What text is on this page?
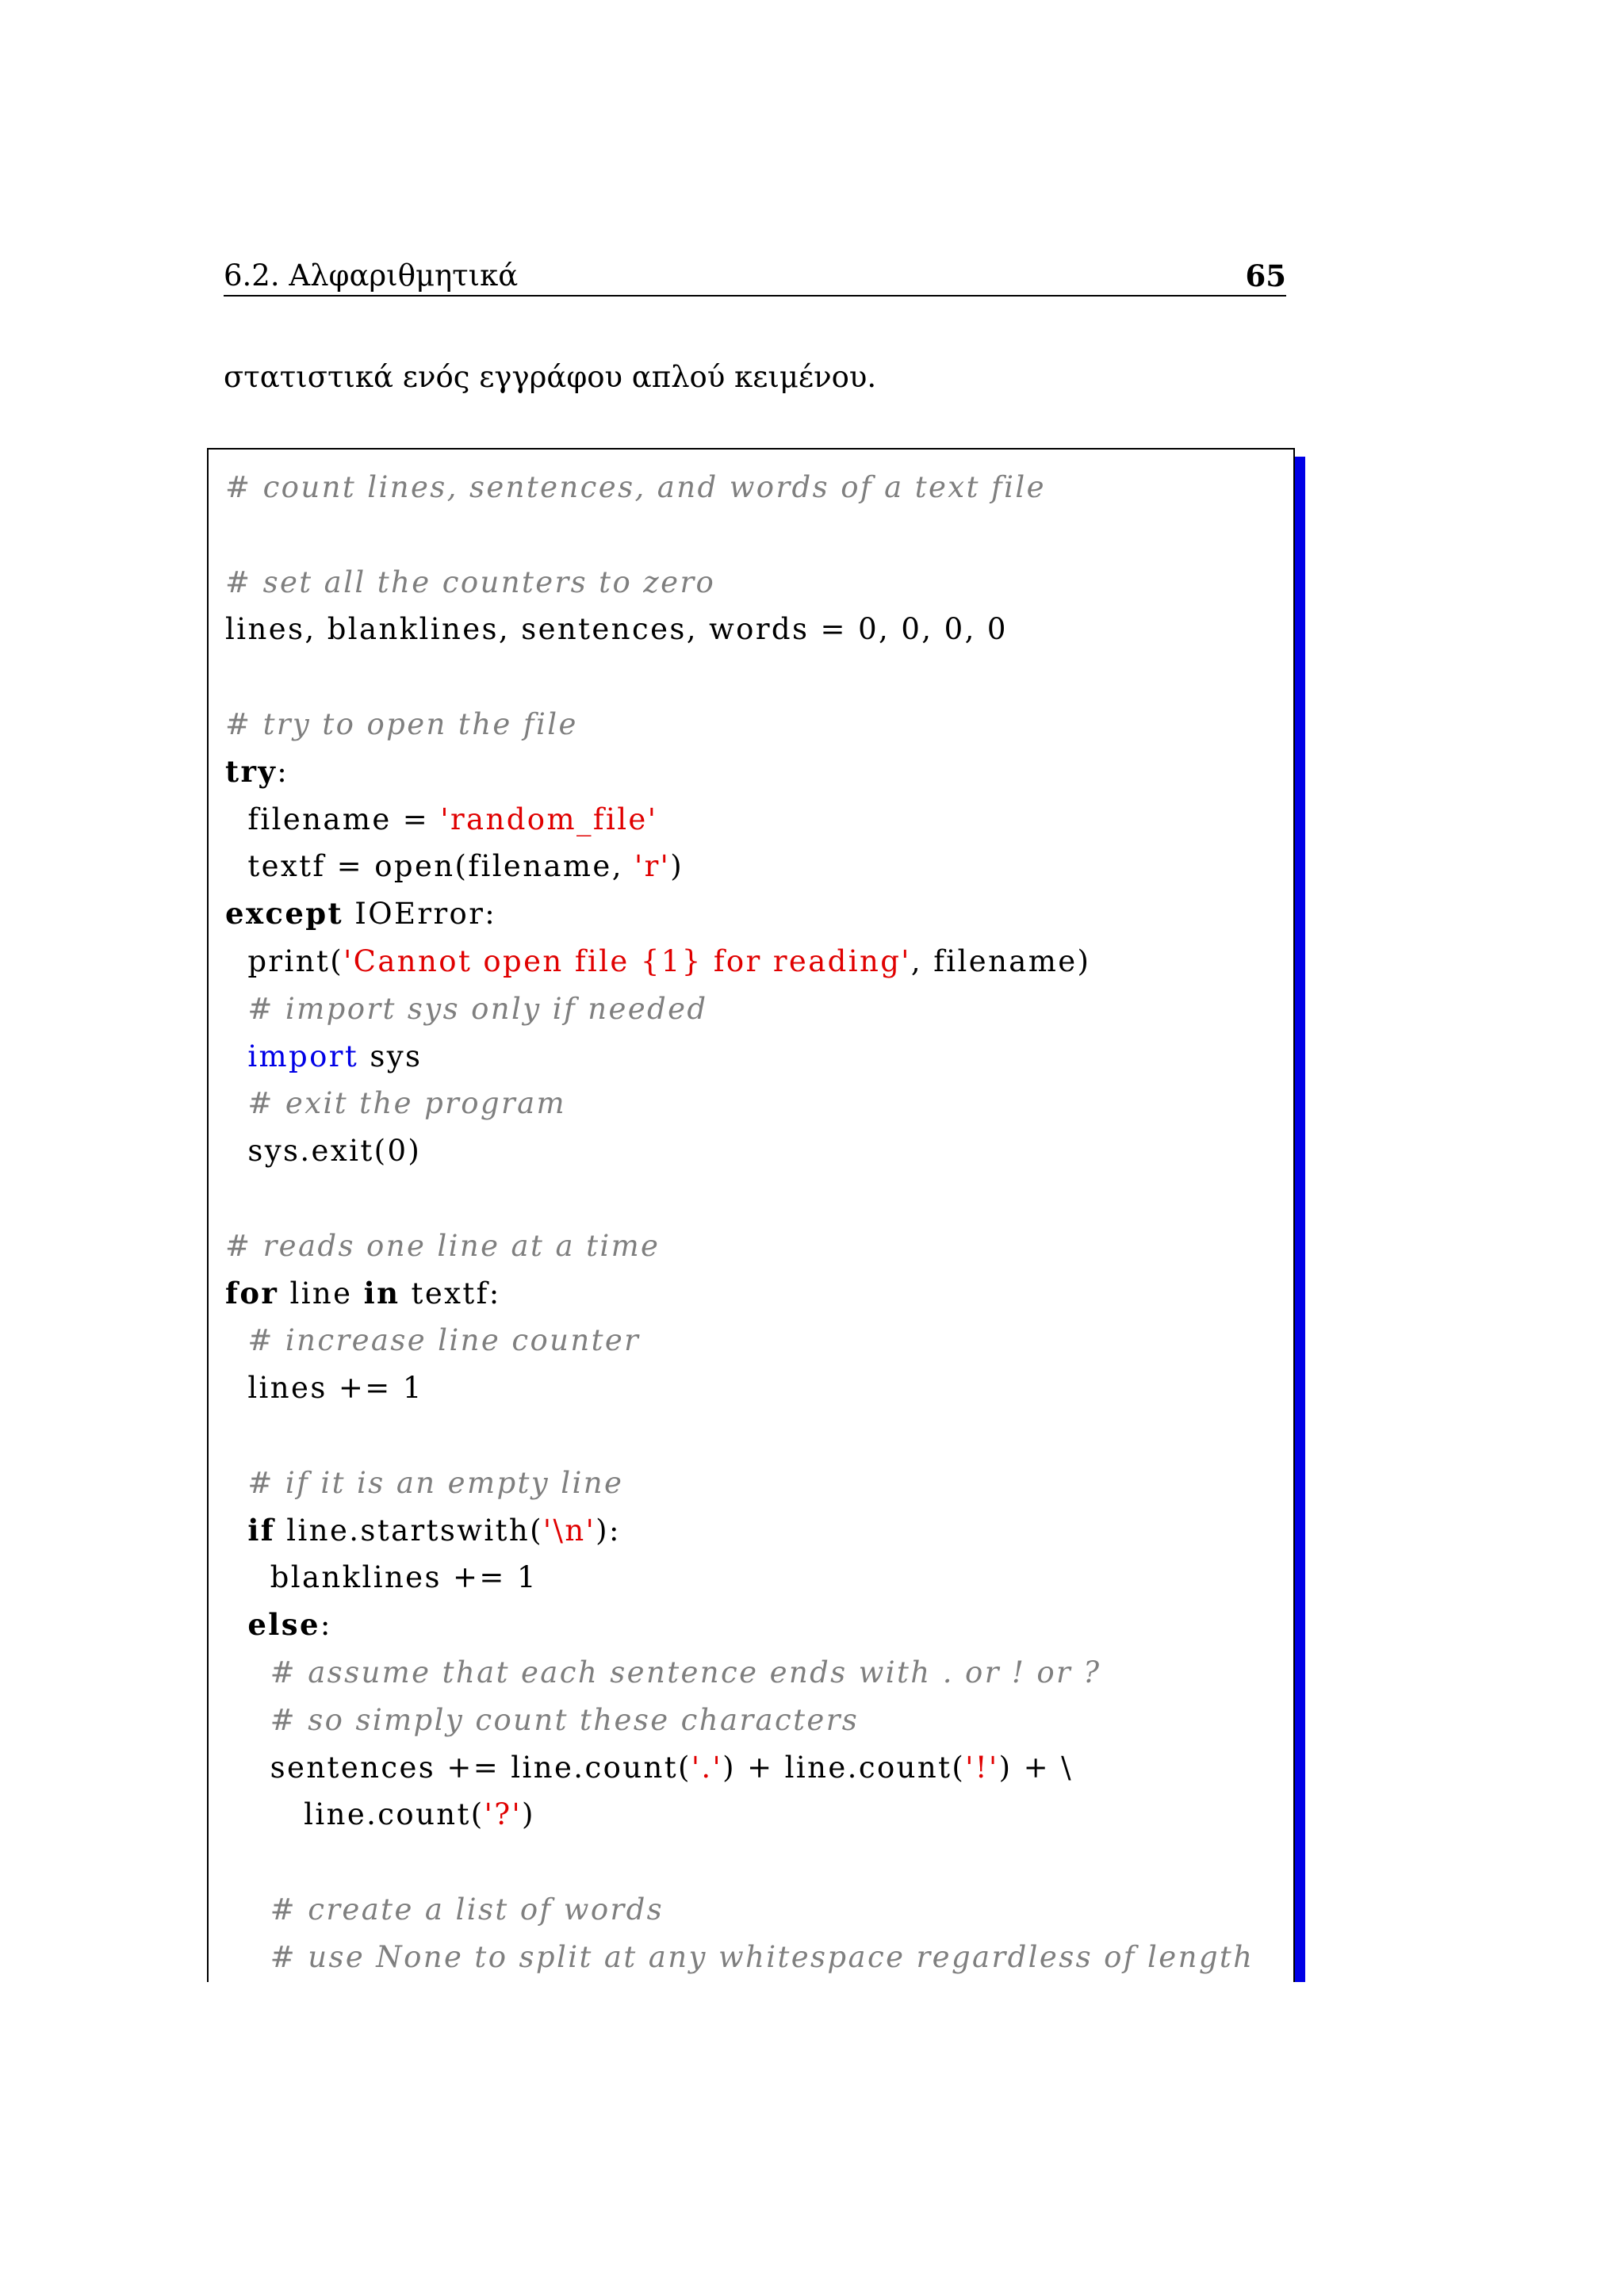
6.2. Αλφαριθμητικά	65
στατιστικά ενός εγγράφου απλού κειμένου.
# count lines, sentences, and words of a text file
# set all the counters to zero
lines, blanklines, sentences, words = 0, 0, 0, 0
# try to open the file
try:
filename = 'random_file'
textf = open(filename, 'r')
except IOError:
print('Cannot open file {1} for reading', filename)
# import sys only if needed
import sys
# exit the program
sys.exit(0)
# reads one line at a time
for line in textf:
# increase line counter
lines += 1
# if it is an empty line
if line.startswith('\n'):
blanklines += 1
else:
# assume that each sentence ends with . or ! or ?
# so simply count these characters
sentences += line.count('.') + line.count('!') + \
line.count('?')
# create a list of words
# use None to split at any whitespace regardless of length
